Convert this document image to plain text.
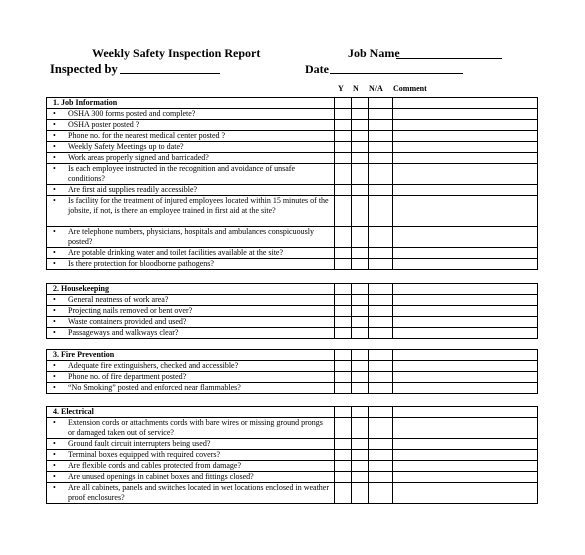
Weekly Safety Inspection Report	Job Name
Inspected by	Date
Y N N/A Comment
1. Job Information
•	OSHA 300 forms posted and complete?
•	OSHA poster posted ?
•	Phone no. for the nearest medical center posted ?
•	Weekly Safety Meetings up to date?
•	Work areas properly signed and barricaded?
•	Is each employee instructed in the recognition and avoidance of unsafe conditions?
•	Are first aid supplies readily accessible?
•	Is facility for the treatment of injured employees located within 15 minutes of the jobsite, if not, is there an employee trained in first aid at the site?
•	Are telephone numbers, physicians, hospitals and ambulances conspicuously posted?
•	Are potable drinking water and toilet facilities available at the site?
•	Is there protection for bloodborne pathogens?
2. Housekeeping
•	General neatness of work area?
•	Projecting nails removed or bent over?
•	Waste containers provided and used?
•	Passageways and walkways clear?
3. Fire Prevention
•	Adequate fire extinguishers, checked and accessible?
•	Phone no. of fire department posted?
•	“No Smoking” posted and enforced near flammables?
4. Electrical
•	Extension cords or attachments cords with bare wires or missing ground prongs or damaged taken out of service?
•	Ground fault circuit interrupters being used?
•	Terminal boxes equipped with required covers?
•	Are flexible cords and cables protected from damage?
•	Are unused openings in cabinet boxes and fittings closed?
•	Are all cabinets, panels and switches located in wet locations enclosed in weather proof enclosures?
